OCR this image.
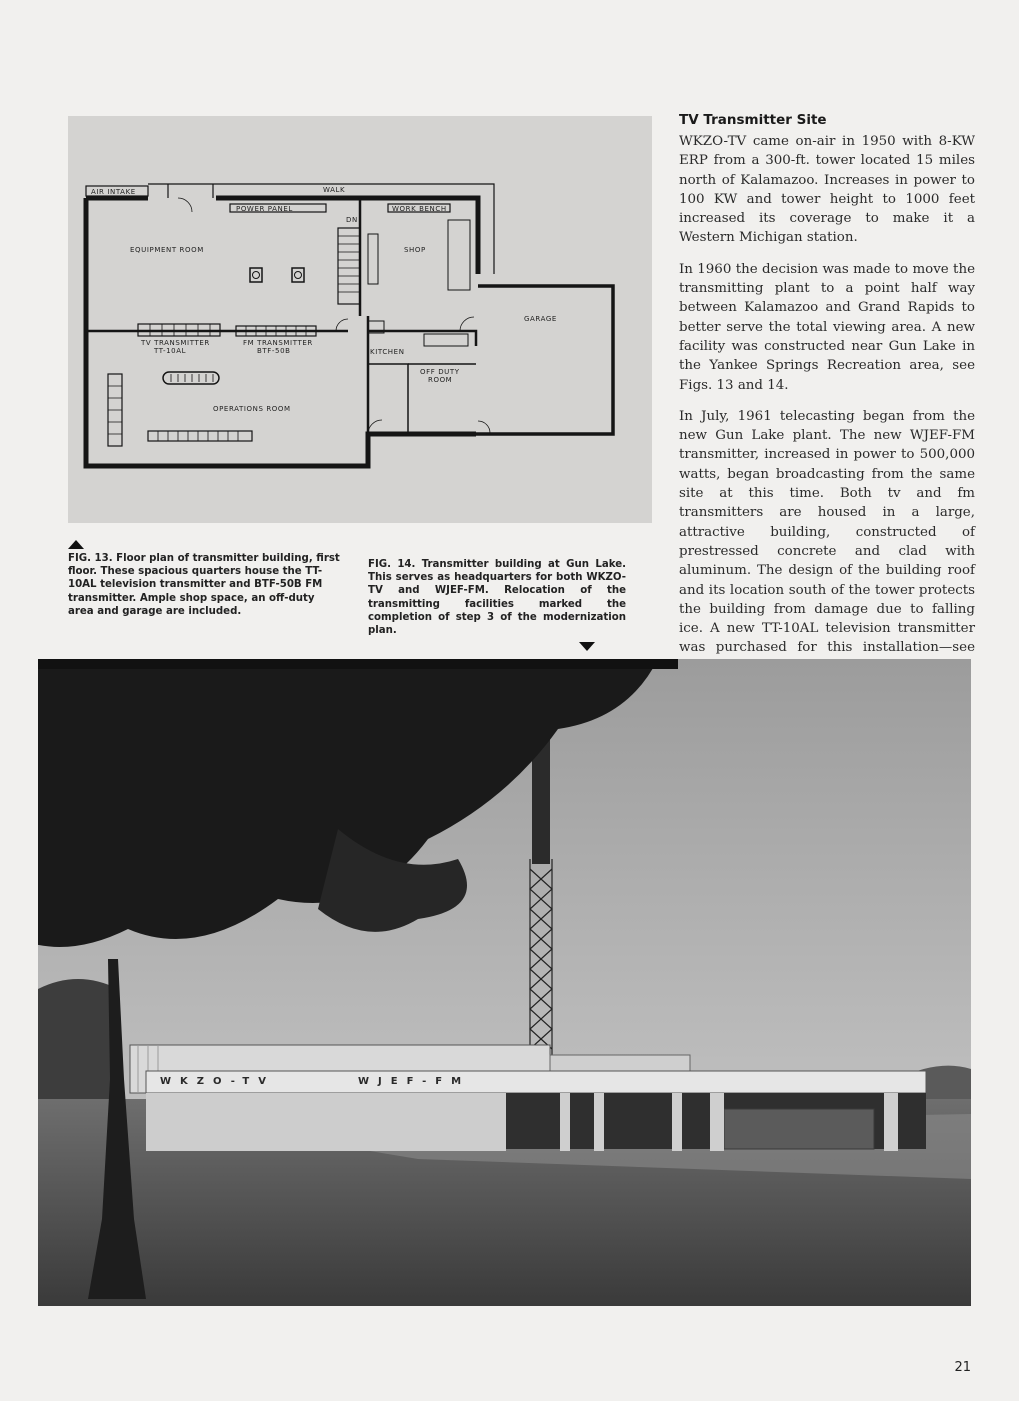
AIR INTAKE	WALK
POWER PANEL
DN
WORK BENCH
EQUIPMENT ROOM	SHOP
GARAGE
TV TRANSMITTER
TT-10AL
FM TRANSMITTER
BTF-50B	KITCHEN
OFF DUTY
ROOM
OPERATIONS ROOM

FIG. 13. Floor plan of transmitter building, first floor. These spacious quarters house the TT-10AL television transmitter and BTF-50B FM transmitter. Ample shop space, an off-duty area and garage are included.

FIG. 14. Transmitter building at Gun Lake. This serves as headquarters for both WKZO-TV and WJEF-FM. Relocation of the transmitting facilities marked the completion of step 3 of the modernization plan.

TV Transmitter Site

WKZO-TV came on-air in 1950 with 8-KW ERP from a 300-ft. tower located 15 miles north of Kalamazoo. Increases in power to 100 KW and tower height to 1000 feet increased its coverage to make it a Western Michigan station.

In 1960 the decision was made to move the transmitting plant to a point half way between Kalamazoo and Grand Rapids to better serve the total viewing area. A new facility was constructed near Gun Lake in the Yankee Springs Recreation area, see Figs. 13 and 14.

In July, 1961 telecasting began from the new Gun Lake plant. The new WJEF-FM transmitter, increased in power to 500,000 watts, began broadcasting from the same site at this time. Both tv and fm transmitters are housed in a large, attractive building, constructed of prestressed concrete and clad with aluminum. The design of the building roof and its location south of the tower protects the building from damage due to falling ice. A new TT-10AL television transmitter was purchased for this installation—see

WKZO-TV	WJEF-FM
21
